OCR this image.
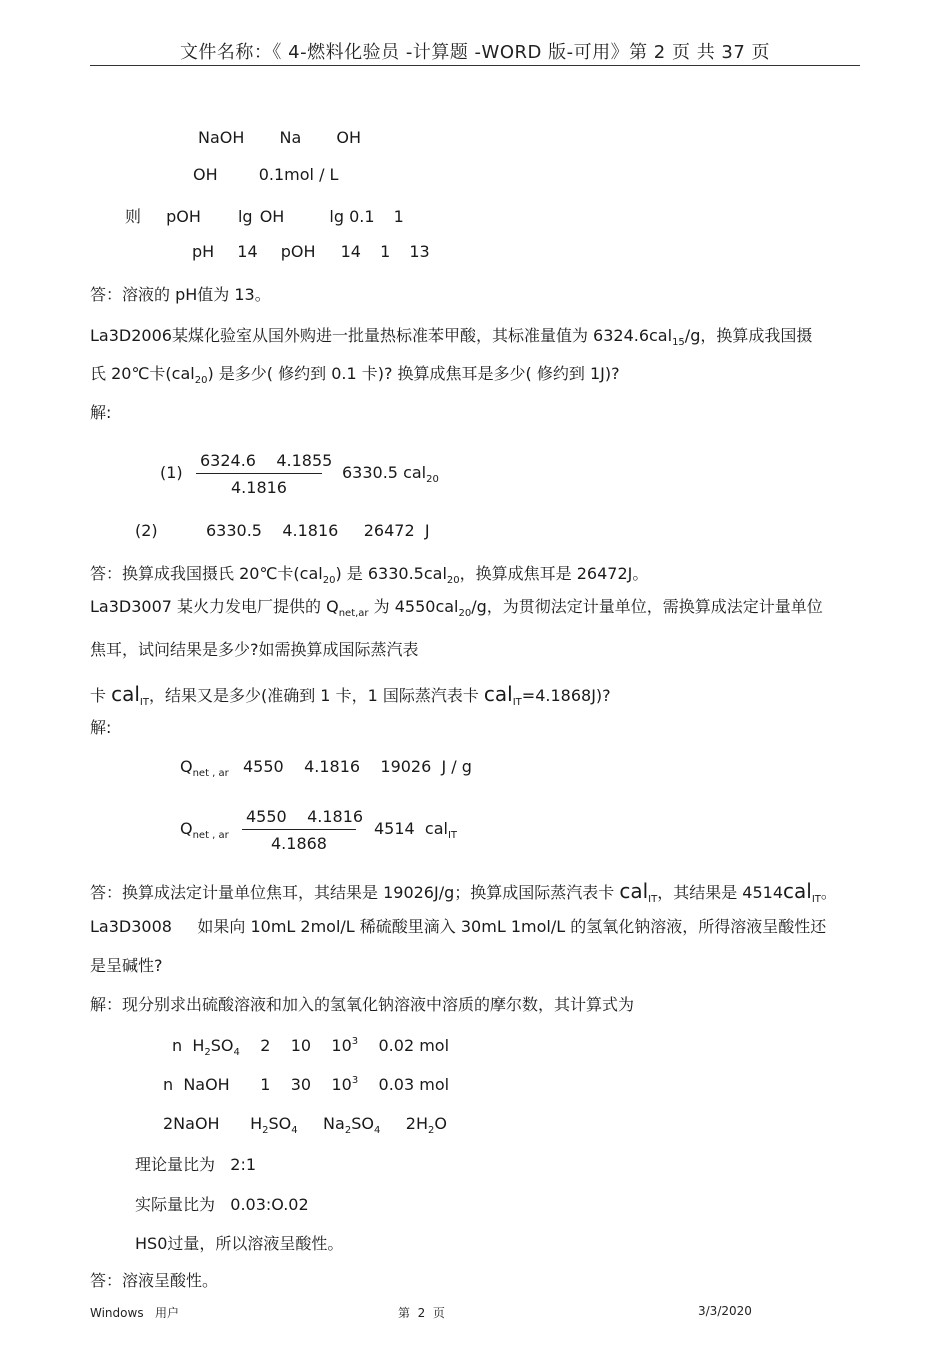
文件名称：《 4-燃料化验员 -计算题 -WORD 版-可用》第 2 页 共 37 页
NaOH Na OH
OH	0.1mol / L
则 pOH lg OH	lg 0.1 1
pH 14 pOH 14 1 13
答：溶液的 pH值为 13。
La3D2006某煤化验室从国外购进一批量热标准苯甲酸，其标准量值为 6324.6cal$_{15}$/g，换算成我国摄
氏 20℃卡(cal$_{20}$) 是多少( 修约到 0.1 卡)? 换算成焦耳是多少( 修约到 1J)?
解:
(1)
6324.6    4.1855
4.1816
6330.5 cal$_{20}$
(2)	6330.5    4.1816     26472  J
答：换算成我国摄氏 20℃卡(cal$_{20}$) 是 6330.5cal$_{20}$，换算成焦耳是 26472J。
La3D3007 某火力发电厂提供的 $Q_{net,ar}$ 为 4550cal$_{20}$/g，为贯彻法定计量单位，需换算成法定计量单位
焦耳，试问结果是多少?如需换算成国际蒸汽表
卡 cal$_{IT}$，结果又是多少(准确到 1 卡，1 国际蒸汽表卡 cal$_{IT}$=4.1868J)?
解:
$Q_{net , ar}$ 4550    4.1816    19026  J / g
$Q_{net , ar}$
4550    4.1816
4.1868
4514  cal$_{IT}$
答：换算成法定计量单位焦耳，其结果是 19026J/g；换算成国际蒸汽表卡 cal$_{IT}$，其结果是 4514cal$_{IT}$。
La3D3008     如果向 10mL 2mol/L 稀硫酸里滴入 30mL 1mol/L 的氢氧化钠溶液，所得溶液呈酸性还
是呈碱性?
解：现分别求出硫酸溶液和加入的氢氧化钠溶液中溶质的摩尔数，其计算式为
n  $H_2SO_4$    2    10    $10^3$    0.02 mol
n  NaOH      1    30    $10^3$    0.03 mol
2NaOH      $H_2SO_4$     $Na_2SO_4$     $2H_2O$
理论量比为   2:1
实际量比为   0.03:O.02
HS0过量，所以溶液呈酸性。
答：溶液呈酸性。
Windows   用户	第  2  页	3/3/2020
